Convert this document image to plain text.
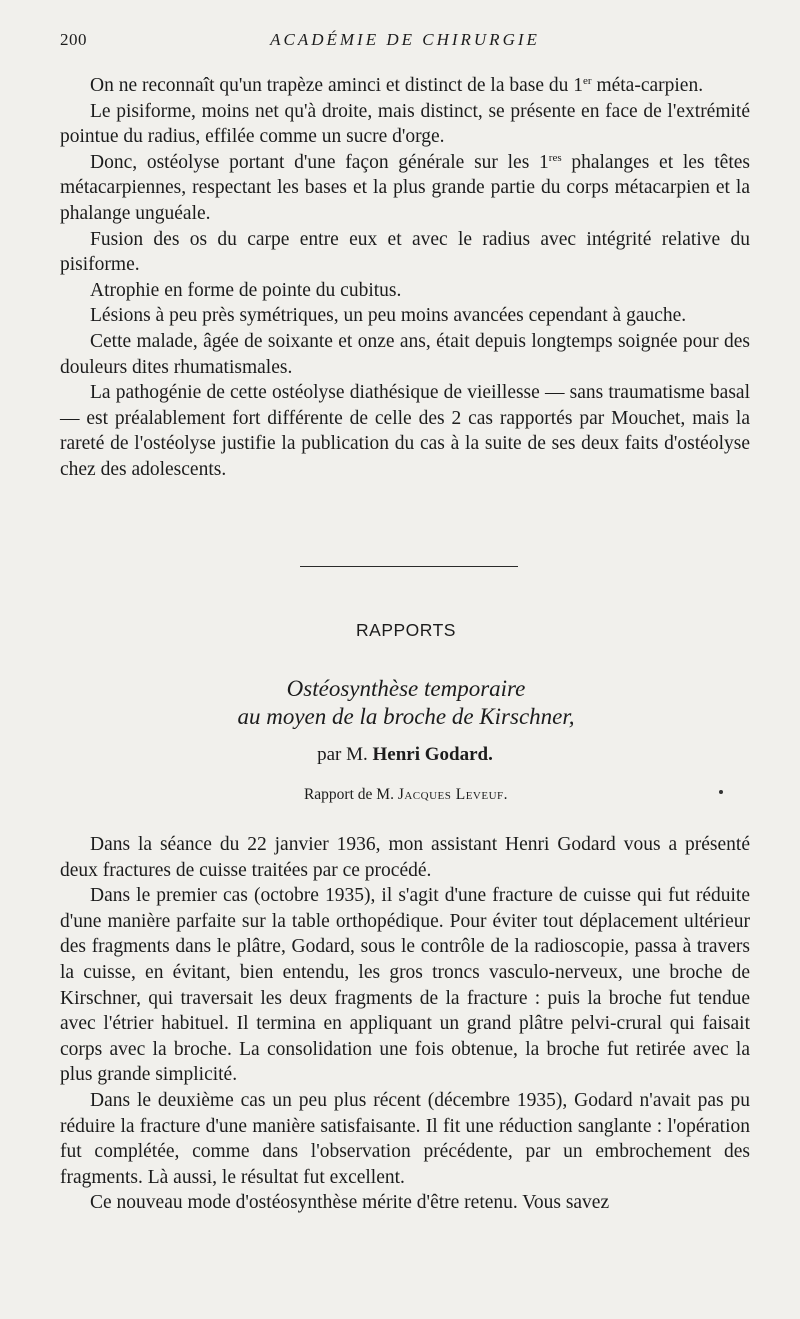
200	ACADÉMIE DE CHIRURGIE

On ne reconnaît qu'un trapèze aminci et distinct de la base du 1er méta-carpien.

Le pisiforme, moins net qu'à droite, mais distinct, se présente en face de l'extrémité pointue du radius, effilée comme un sucre d'orge.

Donc, ostéolyse portant d'une façon générale sur les 1res phalanges et les têtes métacarpiennes, respectant les bases et la plus grande partie du corps métacarpien et la phalange unguéale.

Fusion des os du carpe entre eux et avec le radius avec intégrité relative du pisiforme.

Atrophie en forme de pointe du cubitus.

Lésions à peu près symétriques, un peu moins avancées cependant à gauche.

Cette malade, âgée de soixante et onze ans, était depuis longtemps soignée pour des douleurs dites rhumatismales.

La pathogénie de cette ostéolyse diathésique de vieillesse — sans traumatisme basal — est préalablement fort différente de celle des 2 cas rapportés par Mouchet, mais la rareté de l'ostéolyse justifie la publication du cas à la suite de ses deux faits d'ostéolyse chez des adolescents.

RAPPORTS
Ostéosynthèse temporaire
au moyen de la broche de Kirschner,
par M. Henri Godard.
Rapport de M. Jacques Leveuf.

Dans la séance du 22 janvier 1936, mon assistant Henri Godard vous a présenté deux fractures de cuisse traitées par ce procédé.

Dans le premier cas (octobre 1935), il s'agit d'une fracture de cuisse qui fut réduite d'une manière parfaite sur la table orthopédique. Pour éviter tout déplacement ultérieur des fragments dans le plâtre, Godard, sous le contrôle de la radioscopie, passa à travers la cuisse, en évitant, bien entendu, les gros troncs vasculo-nerveux, une broche de Kirschner, qui traversait les deux fragments de la fracture : puis la broche fut tendue avec l'étrier habituel. Il termina en appliquant un grand plâtre pelvi-crural qui faisait corps avec la broche. La consolidation une fois obtenue, la broche fut retirée avec la plus grande simplicité.

Dans le deuxième cas un peu plus récent (décembre 1935), Godard n'avait pas pu réduire la fracture d'une manière satisfaisante. Il fit une réduction sanglante : l'opération fut complétée, comme dans l'observation précédente, par un embrochement des fragments. Là aussi, le résultat fut excellent.

Ce nouveau mode d'ostéosynthèse mérite d'être retenu. Vous savez
